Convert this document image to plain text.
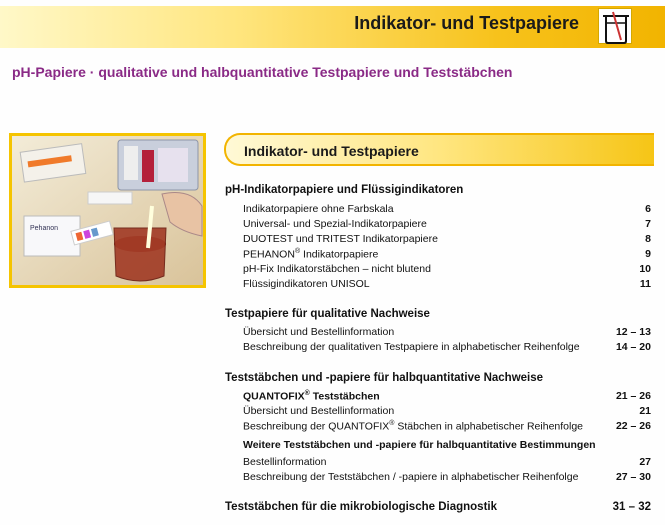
Indikator- und Testpapiere
pH-Papiere · qualitative und halbquantitative Testpapiere und Teststäbchen
Pehanon
Indikator- und Testpapiere
pH-Indikatorpapiere und Flüssigindikatoren
Indikatorpapiere ohne Farbskala	6
Universal- und Spezial-Indikatorpapiere	7
DUOTEST und TRITEST Indikatorpapiere	8
PEHANON® Indikatorpapiere	9
pH-Fix Indikatorstäbchen – nicht blutend	10
Flüssigindikatoren UNISOL	11
Testpapiere für qualitative Nachweise
Übersicht und Bestellinformation	12 – 13
Beschreibung der qualitativen Testpapiere in alphabetischer Reihenfolge	14 – 20
Teststäbchen und -papiere für halbquantitative Nachweise
QUANTOFIX® Teststäbchen	21 – 26
Übersicht und Bestellinformation	21
Beschreibung der QUANTOFIX® Stäbchen in alphabetischer Reihenfolge	22 – 26
Weitere Teststäbchen und -papiere für halbquantitative Bestimmungen
Bestellinformation	27
Beschreibung der Teststäbchen / -papiere in alphabetischer Reihenfolge	27 – 30
Teststäbchen für die mikrobiologische Diagnostik	31 – 32
